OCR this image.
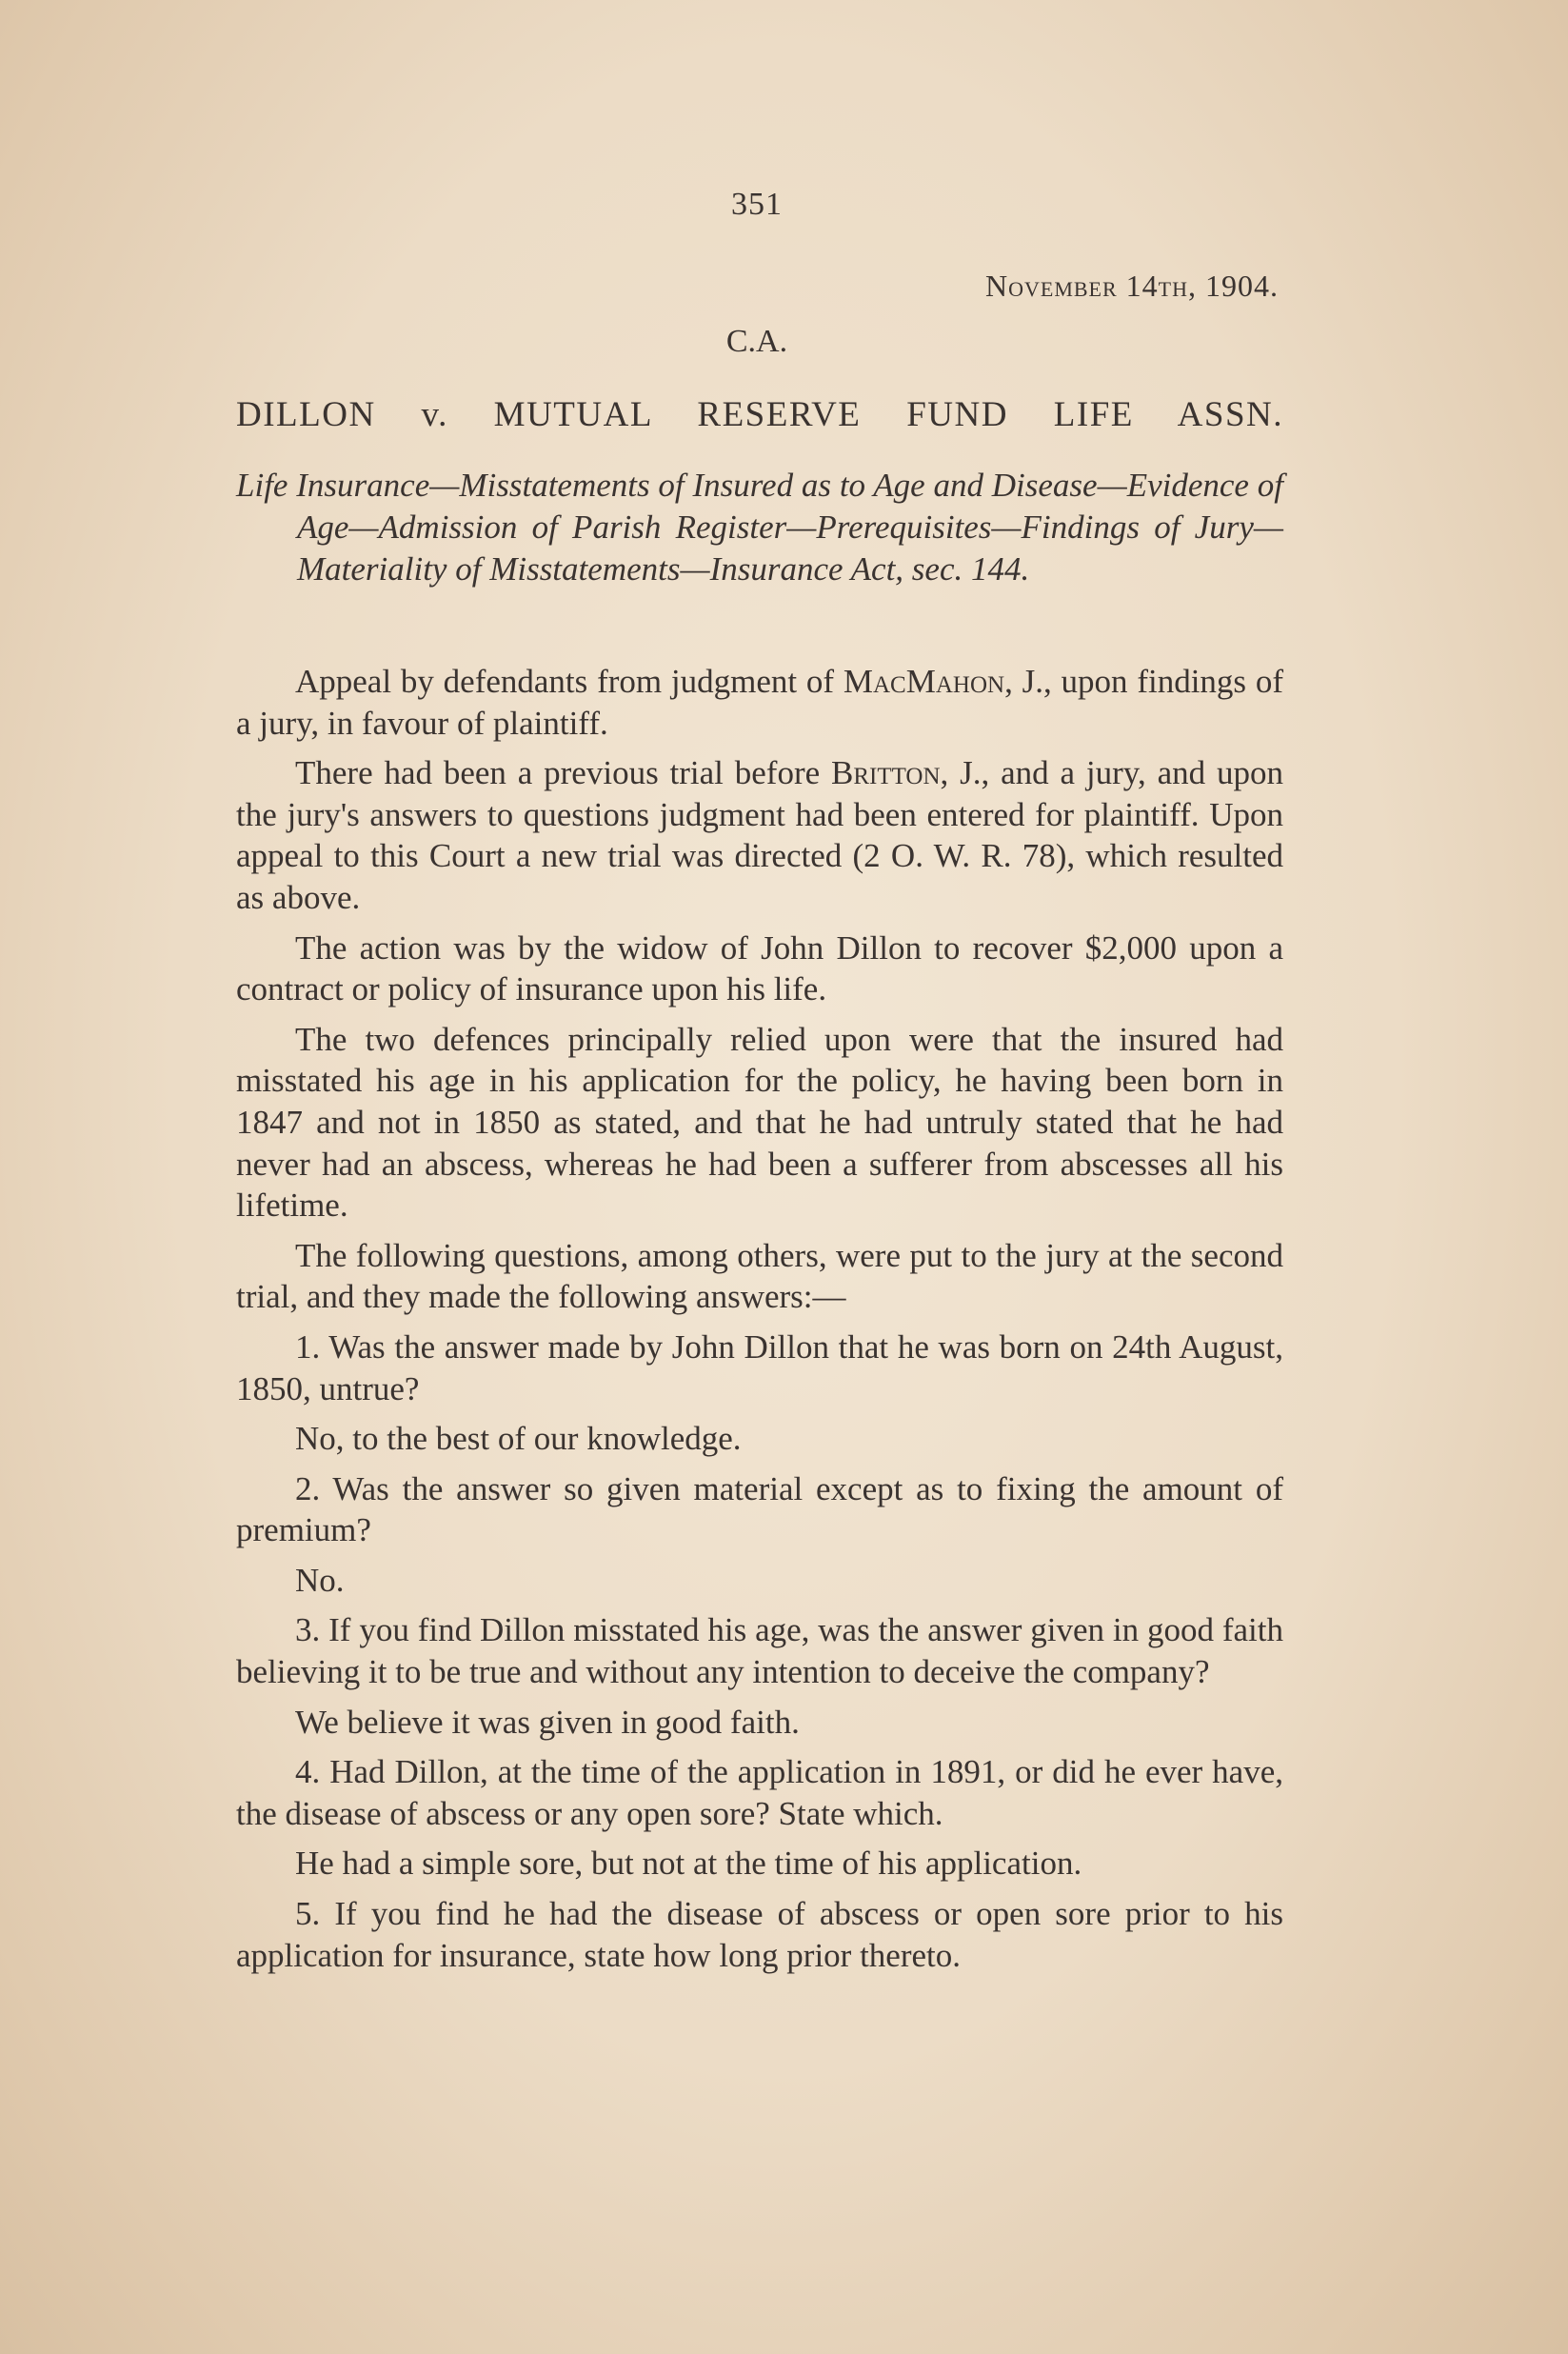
351
November 14th, 1904.
C.A.
DILLON v. MUTUAL RESERVE FUND LIFE ASSN.
Life Insurance—Misstatements of Insured as to Age and Disease—Evidence of Age—Admission of Parish Register—Prerequisites—Findings of Jury—Materiality of Misstatements—Insurance Act, sec. 144.

Appeal by defendants from judgment of MacMahon, J., upon findings of a jury, in favour of plaintiff.

There had been a previous trial before Britton, J., and a jury, and upon the jury's answers to questions judgment had been entered for plaintiff. Upon appeal to this Court a new trial was directed (2 O. W. R. 78), which resulted as above.

The action was by the widow of John Dillon to recover $2,000 upon a contract or policy of insurance upon his life.

The two defences principally relied upon were that the insured had misstated his age in his application for the policy, he having been born in 1847 and not in 1850 as stated, and that he had untruly stated that he had never had an abscess, whereas he had been a sufferer from abscesses all his lifetime.

The following questions, among others, were put to the jury at the second trial, and they made the following answers:—

1. Was the answer made by John Dillon that he was born on 24th August, 1850, untrue?

No, to the best of our knowledge.

2. Was the answer so given material except as to fixing the amount of premium?

No.

3. If you find Dillon misstated his age, was the answer given in good faith believing it to be true and without any intention to deceive the company?

We believe it was given in good faith.

4. Had Dillon, at the time of the application in 1891, or did he ever have, the disease of abscess or any open sore? State which.

He had a simple sore, but not at the time of his application.

5. If you find he had the disease of abscess or open sore prior to his application for insurance, state how long prior thereto.
